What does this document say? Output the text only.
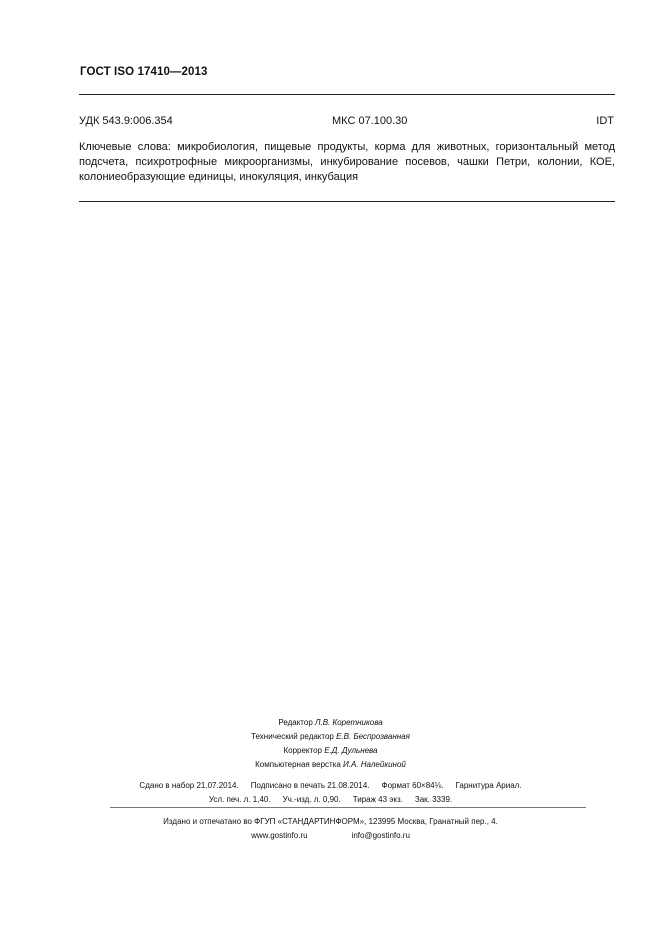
ГОСТ ISO 17410—2013
УДК 543.9:006.354	МКС 07.100.30	IDT
Ключевые слова: микробиология, пищевые продукты, корма для животных, горизонтальный метод подсчета, психротрофные микроорганизмы, инкубирование посевов, чашки Петри, колонии, КОЕ, колониеобразующие единицы, инокуляция, инкубация
Редактор Л.В. Коретникова
Технический редактор Е.В. Беспрозванная
Корректор Е.Д. Дульнева
Компьютерная верстка И.А. Налейкиной
Сдано в набор 21.07.2014. Подписано в печать 21.08.2014. Формат 60×84⅛. Гарнитура Ариал.
Усл. печ. л. 1,40. Уч.-изд. л. 0,90. Тираж 43 экз. Зак. 3339.
Издано и отпечатано во ФГУП «СТАНДАРТИНФОРМ», 123995 Москва, Гранатный пер., 4.
www.gostinfo.ru	info@gostinfo.ru
